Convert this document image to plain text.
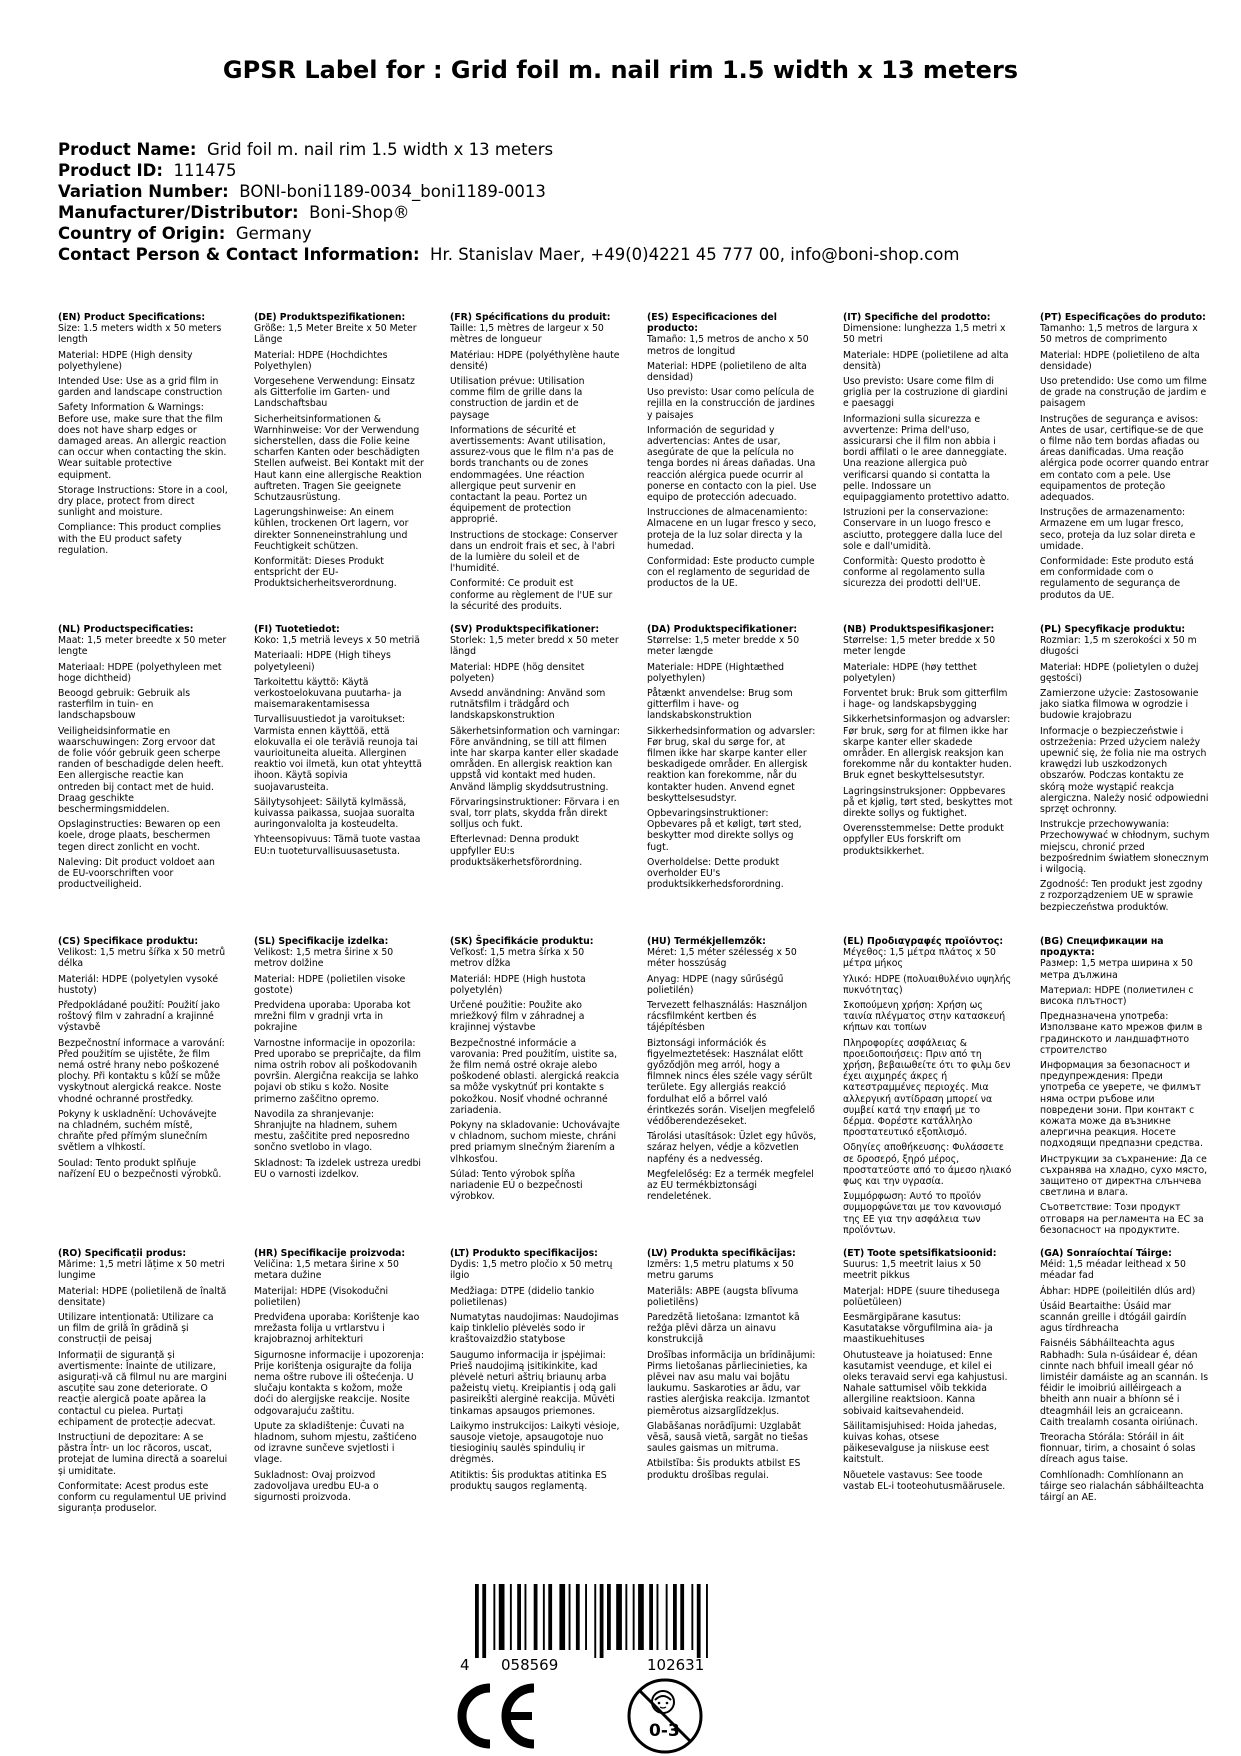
GPSR Label for : Grid foil m. nail rim 1.5 width x 13 meters
Product Name: Grid foil m. nail rim 1.5 width x 13 meters
Product ID: 111475
Variation Number: BONI-boni1189-0034_boni1189-0013
Manufacturer/Distributor: Boni-Shop®
Country of Origin: Germany
Contact Person & Contact Information: Hr. Stanislav Maer, +49(0)4221 45 777 00, info@boni-shop.com
(EN) Product Specifications:

Size: 1.5 meters width x 50 meters length

Material: HDPE (High density polyethylene)

Intended Use: Use as a grid film in garden and landscape construction

Safety Information & Warnings: Before use, make sure that the film does not have sharp edges or damaged areas. An allergic reaction can occur when contacting the skin. Wear suitable protective equipment.

Storage Instructions: Store in a cool, dry place, protect from direct sunlight and moisture.

Compliance: This product complies with the EU product safety regulation.

(DE) Produktspezifikationen:

Größe: 1,5 Meter Breite x 50 Meter Länge

Material: HDPE (Hochdichtes Polyethylen)

Vorgesehene Verwendung: Einsatz als Gitterfolie im Garten- und Landschaftsbau

Sicherheitsinformationen & Warnhinweise: Vor der Verwendung sicherstellen, dass die Folie keine scharfen Kanten oder beschädigten Stellen aufweist. Bei Kontakt mit der Haut kann eine allergische Reaktion auftreten. Tragen Sie geeignete Schutzausrüstung.

Lagerungshinweise: An einem kühlen, trockenen Ort lagern, vor direkter Sonneneinstrahlung und Feuchtigkeit schützen.

Konformität: Dieses Produkt entspricht der EU-Produktsicherheitsverordnung.

(FR) Spécifications du produit:

Taille: 1,5 mètres de largeur x 50 mètres de longueur

Matériau: HDPE (polyéthylène haute densité)

Utilisation prévue: Utilisation comme film de grille dans la construction de jardin et de paysage

Informations de sécurité et avertissements: Avant utilisation, assurez-vous que le film n'a pas de bords tranchants ou de zones endommagées. Une réaction allergique peut survenir en contactant la peau. Portez un équipement de protection approprié.

Instructions de stockage: Conserver dans un endroit frais et sec, à l'abri de la lumière du soleil et de l'humidité.

Conformité: Ce produit est conforme au règlement de l'UE sur la sécurité des produits.

(ES) Especificaciones del producto:

Tamaño: 1,5 metros de ancho x 50 metros de longitud

Material: HDPE (polietileno de alta densidad)

Uso previsto: Usar como película de rejilla en la construcción de jardines y paisajes

Información de seguridad y advertencias: Antes de usar, asegúrate de que la película no tenga bordes ni áreas dañadas. Una reacción alérgica puede ocurrir al ponerse en contacto con la piel. Use equipo de protección adecuado.

Instrucciones de almacenamiento: Almacene en un lugar fresco y seco, proteja de la luz solar directa y la humedad.

Conformidad: Este producto cumple con el reglamento de seguridad de productos de la UE.

(IT) Specifiche del prodotto:

Dimensione: lunghezza 1,5 metri x 50 metri

Materiale: HDPE (polietilene ad alta densità)

Uso previsto: Usare come film di griglia per la costruzione di giardini e paesaggi

Informazioni sulla sicurezza e avvertenze: Prima dell'uso, assicurarsi che il film non abbia i bordi affilati o le aree danneggiate. Una reazione allergica può verificarsi quando si contatta la pelle. Indossare un equipaggiamento protettivo adatto.

Istruzioni per la conservazione: Conservare in un luogo fresco e asciutto, proteggere dalla luce del sole e dall'umidità.

Conformità: Questo prodotto è conforme al regolamento sulla sicurezza dei prodotti dell'UE.

(PT) Especificações do produto:

Tamanho: 1,5 metros de largura x 50 metros de comprimento

Material: HDPE (polietileno de alta densidade)

Uso pretendido: Use como um filme de grade na construção de jardim e paisagem

Instruções de segurança e avisos: Antes de usar, certifique-se de que o filme não tem bordas afiadas ou áreas danificadas. Uma reação alérgica pode ocorrer quando entrar em contato com a pele. Use equipamentos de proteção adequados.

Instruções de armazenamento: Armazene em um lugar fresco, seco, proteja da luz solar direta e umidade.

Conformidade: Este produto está em conformidade com o regulamento de segurança de produtos da UE.

(NL) Productspecificaties:

Maat: 1,5 meter breedte x 50 meter lengte

Materiaal: HDPE (polyethyleen met hoge dichtheid)

Beoogd gebruik: Gebruik als rasterfilm in tuin- en landschapsbouw

Veiligheidsinformatie en waarschuwingen: Zorg ervoor dat de folie vóór gebruik geen scherpe randen of beschadigde delen heeft. Een allergische reactie kan ontreden bij contact met de huid. Draag geschikte beschermingsmiddelen.

Opslaginstructies: Bewaren op een koele, droge plaats, beschermen tegen direct zonlicht en vocht.

Naleving: Dit product voldoet aan de EU-voorschriften voor productveiligheid.

(FI) Tuotetiedot:

Koko: 1,5 metriä leveys x 50 metriä

Materiaali: HDPE (High tiheys polyetyleeni)

Tarkoitettu käyttö: Käytä verkostoelokuvana puutarha- ja maisemarakentamisessa

Turvallisuustiedot ja varoitukset: Varmista ennen käyttöä, että elokuvalla ei ole teräviä reunoja tai vaurioituneita alueita. Allerginen reaktio voi ilmetä, kun otat yhteyttä ihoon. Käytä sopivia suojavarusteita.

Säilytysohjeet: Säilytä kylmässä, kuivassa paikassa, suojaa suoralta auringonvalolta ja kosteudelta.

Yhteensopivuus: Tämä tuote vastaa EU:n tuoteturvallisuusasetusta.

(SV) Produktspecifikationer:

Storlek: 1,5 meter bredd x 50 meter längd

Material: HDPE (hög densitet polyeten)

Avsedd användning: Använd som rutnätsfilm i trädgård och landskapskonstruktion

Säkerhetsinformation och varningar: Före användning, se till att filmen inte har skarpa kanter eller skadade områden. En allergisk reaktion kan uppstå vid kontakt med huden. Använd lämplig skyddsutrustning.

Förvaringsinstruktioner: Förvara i en sval, torr plats, skydda från direkt solljus och fukt.

Efterlevnad: Denna produkt uppfyller EU:s produktsäkerhetsförordning.

(DA) Produktspecifikationer:

Størrelse: 1,5 meter bredde x 50 meter længde

Materiale: HDPE (Hightæthed polyethylen)

Påtænkt anvendelse: Brug som gitterfilm i have- og landskabskonstruktion

Sikkerhedsinformation og advarsler: Før brug, skal du sørge for, at filmen ikke har skarpe kanter eller beskadigede områder. En allergisk reaktion kan forekomme, når du kontakter huden. Anvend egnet beskyttelsesudstyr.

Opbevaringsinstruktioner: Opbevares på et køligt, tørt sted, beskytter mod direkte sollys og fugt.

Overholdelse: Dette produkt overholder EU's produktsikkerhedsforordning.

(NB) Produktspesifikasjoner:

Størrelse: 1,5 meter bredde x 50 meter lengde

Materiale: HDPE (høy tetthet polyetylen)

Forventet bruk: Bruk som gitterfilm i hage- og landskapsbygging

Sikkerhetsinformasjon og advarsler: Før bruk, sørg for at filmen ikke har skarpe kanter eller skadede områder. En allergisk reaksjon kan forekomme når du kontakter huden. Bruk egnet beskyttelsesutstyr.

Lagringsinstruksjoner: Oppbevares på et kjølig, tørt sted, beskyttes mot direkte sollys og fuktighet.

Overensstemmelse: Dette produkt oppfyller EUs forskrift om produktsikkerhet.

(PL) Specyfikacje produktu:

Rozmiar: 1,5 m szerokości x 50 m długości

Materiał: HDPE (polietylen o dużej gęstości)

Zamierzone użycie: Zastosowanie jako siatka filmowa w ogrodzie i budowie krajobrazu

Informacje o bezpieczeństwie i ostrzeżenia: Przed użyciem należy upewnić się, że folia nie ma ostrych krawędzi lub uszkodzonych obszarów. Podczas kontaktu ze skórą może wystąpić reakcja alergiczna. Należy nosić odpowiedni sprzęt ochronny.

Instrukcje przechowywania: Przechowywać w chłodnym, suchym miejscu, chronić przed bezpośrednim światłem słonecznym i wilgocią.

Zgodność: Ten produkt jest zgodny z rozporządzeniem UE w sprawie bezpieczeństwa produktów.

(CS) Specifikace produktu:

Velikost: 1,5 metru šířka x 50 metrů délka

Materiál: HDPE (polyetylen vysoké hustoty)

Předpokládané použití: Použití jako roštový film v zahradní a krajinné výstavbě

Bezpečnostní informace a varování: Před použitím se ujistěte, že film nemá ostré hrany nebo poškozené plochy. Při kontaktu s kůží se může vyskytnout alergická reakce. Noste vhodné ochranné prostředky.

Pokyny k uskladnění: Uchovávejte na chladném, suchém místě, chraňte před přímým slunečním světlem a vlhkostí.

Soulad: Tento produkt splňuje nařízení EU o bezpečnosti výrobků.

(SL) Specifikacije izdelka:

Velikost: 1,5 metra širine x 50 metrov dolžine

Material: HDPE (polietilen visoke gostote)

Predvidena uporaba: Uporaba kot mrežni film v gradnji vrta in pokrajine

Varnostne informacije in opozorila: Pred uporabo se prepričajte, da film nima ostrih robov ali poškodovanih površin. Alergična reakcija se lahko pojavi ob stiku s kožo. Nosite primerno zaščitno opremo.

Navodila za shranjevanje: Shranjujte na hladnem, suhem mestu, zaščitite pred neposredno sončno svetlobo in vlago.

Skladnost: Ta izdelek ustreza uredbi EU o varnosti izdelkov.

(SK) Špecifikácie produktu:

Veľkosť: 1,5 metra šírka x 50 metrov dĺžka

Materiál: HDPE (High hustota polyetylén)

Určené použitie: Použite ako mriežkový film v záhradnej a krajinnej výstavbe

Bezpečnostné informácie a varovania: Pred použitím, uistite sa, že film nemá ostré okraje alebo poškodené oblasti. alergická reakcia sa môže vyskytnúť pri kontakte s pokožkou. Nosiť vhodné ochranné zariadenia.

Pokyny na skladovanie: Uchovávajte v chladnom, suchom mieste, chráni pred priamym slnečným žiarením a vlhkosťou.

Súlad: Tento výrobok spĺňa nariadenie EÚ o bezpečnosti výrobkov.

(HU) Termékjellemzők:

Méret: 1,5 méter szélesség x 50 méter hosszúság

Anyag: HDPE (nagy sűrűségű polietilén)

Tervezett felhasználás: Használjon rácsfilmként kertben és tájépítésben

Biztonsági információk és figyelmeztetések: Használat előtt győződjön meg arról, hogy a filmnek nincs éles széle vagy sérült területe. Egy allergiás reakció fordulhat elő a bőrrel való érintkezés során. Viseljen megfelelő védőberendezéseket.

Tárolási utasítások: Üzlet egy hűvös, száraz helyen, védje a közvetlen napfény és a nedvesség.

Megfelelőség: Ez a termék megfelel az EU termékbiztonsági rendeletének.

(EL) Προδιαγραφές προϊόντος:

Μέγεθος: 1,5 μέτρα πλάτος x 50 μέτρα μήκος

Υλικό: HDPE (πολυαιθυλένιο υψηλής πυκνότητας)

Σκοπούμενη χρήση: Χρήση ως ταινία πλέγματος στην κατασκευή κήπων και τοπίων

Πληροφορίες ασφάλειας & προειδοποιήσεις: Πριν από τη χρήση, βεβαιωθείτε ότι το φιλμ δεν έχει αιχμηρές άκρες ή κατεστραμμένες περιοχές. Μια αλλεργική αντίδραση μπορεί να συμβεί κατά την επαφή με το δέρμα. Φορέστε κατάλληλο προστατευτικό εξοπλισμό.

Οδηγίες αποθήκευσης: Φυλάσσετε σε δροσερό, ξηρό μέρος, προστατεύστε από το άμεσο ηλιακό φως και την υγρασία.

Συμμόρφωση: Αυτό το προϊόν συμμορφώνεται με τον κανονισμό της ΕΕ για την ασφάλεια των προϊόντων.

(BG) Спецификации на продукта:

Размер: 1,5 метра ширина x 50 метра дължина

Материал: HDPE (полиетилен с висока плътност)

Предназначена употреба: Използване като мрежов филм в градинското и ландшафтното строителство

Информация за безопасност и предупреждения: Преди употреба се уверете, че филмът няма остри ръбове или повредени зони. При контакт с кожата може да възникне алергична реакция. Носете подходящи предпазни средства.

Инструкции за съхранение: Да се съхранява на хладно, сухо място, защитено от директна слънчева светлина и влага.

Съответствие: Този продукт отговаря на регламента на ЕС за безопасност на продуктите.

(RO) Specificații produs:

Mărime: 1,5 metri lățime x 50 metri lungime

Material: HDPE (polietilenă de înaltă densitate)

Utilizare intenționată: Utilizare ca un film de grilă în grădină și construcții de peisaj

Informații de siguranță și avertismente: Înainte de utilizare, asigurați-vă că filmul nu are margini ascuțite sau zone deteriorate. O reacție alergică poate apărea la contactul cu pielea. Purtați echipament de protecție adecvat.

Instrucțiuni de depozitare: A se păstra într- un loc răcoros, uscat, protejat de lumina directă a soarelui și umiditate.

Conformitate: Acest produs este conform cu regulamentul UE privind siguranța produselor.

(HR) Specifikacije proizvoda:

Veličina: 1,5 metara širine x 50 metara dužine

Materijal: HDPE (Visokodučni polietilen)

Predviđena uporaba: Korištenje kao mrežasta folija u vrtlarstvu i krajobraznoj arhitekturi

Sigurnosne informacije i upozorenja: Prije korištenja osigurajte da folija nema oštre rubove ili oštećenja. U slučaju kontakta s kožom, može doći do alergijske reakcije. Nosite odgovarajuću zaštitu.

Upute za skladištenje: Čuvati na hladnom, suhom mjestu, zaštićeno od izravne sunčeve svjetlosti i vlage.

Sukladnost: Ovaj proizvod zadovoljava uredbu EU-a o sigurnosti proizvoda.

(LT) Produkto specifikacijos:

Dydis: 1,5 metro pločio x 50 metrų ilgio

Medžiaga: DTPE (didelio tankio polietilenas)

Numatytas naudojimas: Naudojimas kaip tinklelio plėvelės sodo ir kraštovaizdžio statybose

Saugumo informacija ir įspėjimai: Prieš naudojimą įsitikinkite, kad plėvelė neturi aštrių briaunų arba pažeistų vietų. Kreipiantis į odą gali pasireikšti alerginė reakcija. Mūvėti tinkamas apsaugos priemones.

Laikymo instrukcijos: Laikyti vėsioje, sausoje vietoje, apsaugotoje nuo tiesioginių saulės spindulių ir drėgmės.

Atitiktis: Šis produktas atitinka ES produktų saugos reglamentą.

(LV) Produkta specifikācijas:

Izmērs: 1,5 metru platums x 50 metru garums

Materiāls: ABPE (augsta blīvuma polietilēns)

Paredzētā lietošana: Izmantot kā režģa plēvi dārza un ainavu konstrukcijā

Drošības informācija un brīdinājumi: Pirms lietošanas pārliecinieties, ka plēvei nav asu malu vai bojātu laukumu. Saskaroties ar ādu, var rasties alerģiska reakcija. Izmantot piemērotus aizsarglīdzekļus.

Glabāšanas norādījumi: Uzglabāt vēsā, sausā vietā, sargāt no tiešas saules gaismas un mitruma.

Atbilstība: Šis produkts atbilst ES produktu drošības regulai.

(ET) Toote spetsifikatsioonid:

Suurus: 1,5 meetrit laius x 50 meetrit pikkus

Materjal: HDPE (suure tihedusega polüetüleen)

Eesmärgipärane kasutus: Kasutatakse võrgufilmina aia- ja maastikuehituses

Ohutusteave ja hoiatused: Enne kasutamist veenduge, et kilel ei oleks teravaid servi ega kahjustusi. Nahale sattumisel võib tekkida allergiline reaktsioon. Kanna sobivaid kaitsevahendeid.

Säilitamisjuhised: Hoida jahedas, kuivas kohas, otsese päikesevalguse ja niiskuse eest kaitstult.

Nõuetele vastavus: See toode vastab EL-i tooteohutusmäärusele.

(GA) Sonraíochtaí Táirge:

Méid: 1,5 méadar leithead x 50 méadar fad

Ábhar: HDPE (poileitilén dlús ard)

Úsáid Beartaithe: Úsáid mar scannán greille i dtógáil gairdín agus tírdhreacha

Faisnéis Sábháilteachta agus Rabhadh: Sula n-úsáidear é, déan cinnte nach bhfuil imeall géar nó limistéir damáiste ag an scannán. Is féidir le imoibriú ailléirgeach a bheith ann nuair a bhíonn sé i dteagmháil leis an gcraiceann. Caith trealamh cosanta oiriúnach.

Treoracha Stórála: Stóráil in áit fionnuar, tirim, a chosaint ó solas díreach agus taise.

Comhlíonadh: Comhlíonann an táirge seo rialachán sábháilteachta táirgí an AE.

4 058569	102631
0-3
